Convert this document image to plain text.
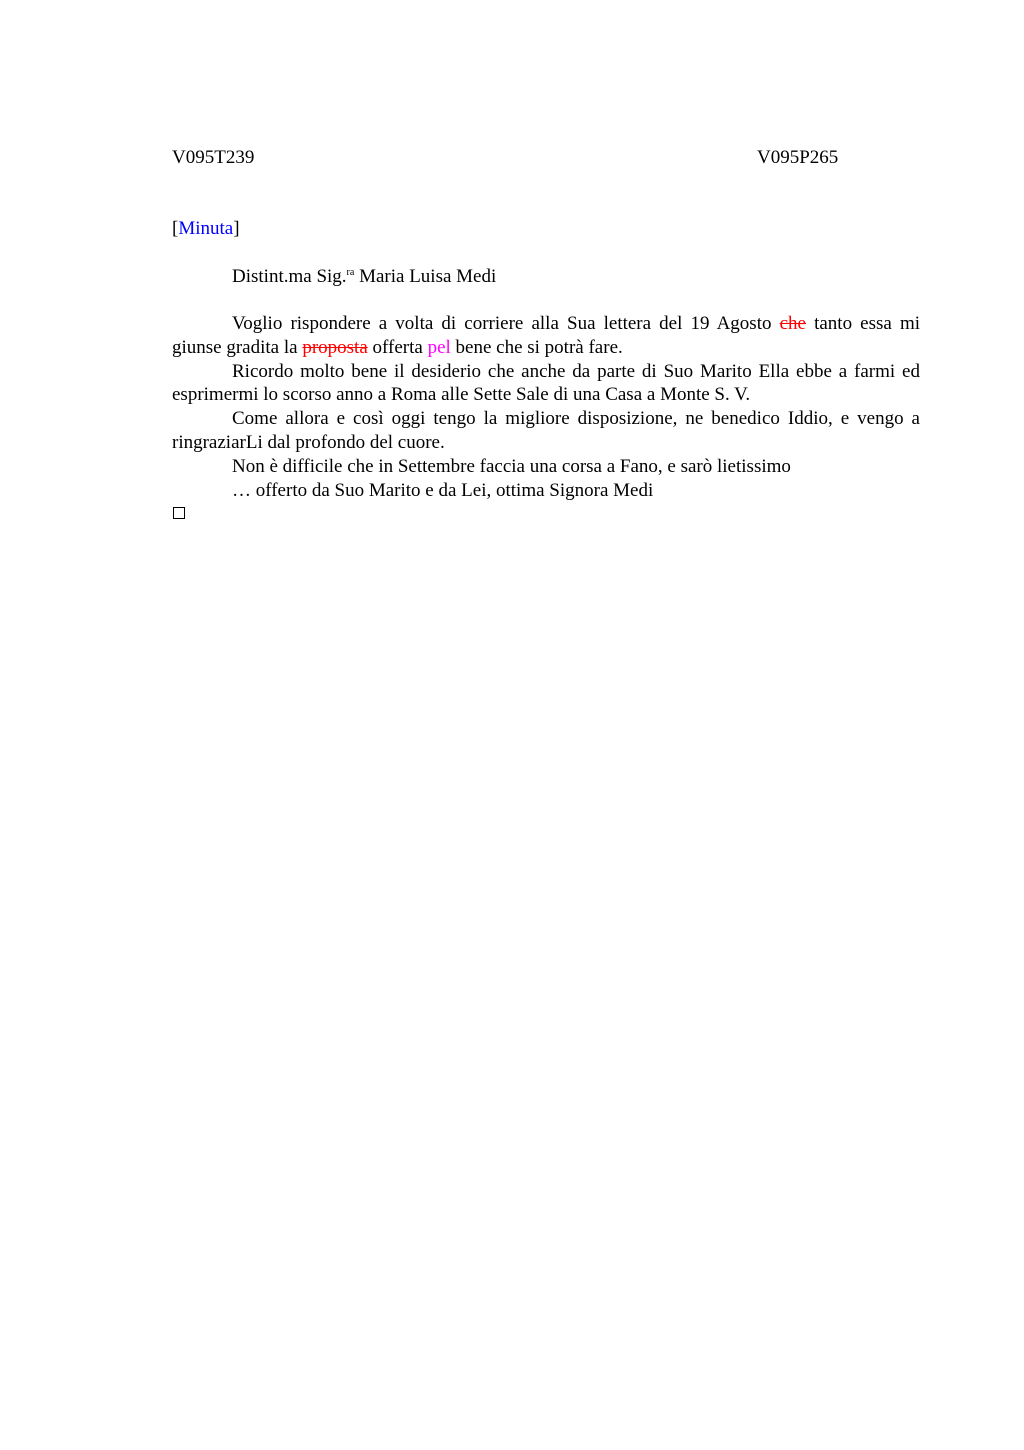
V095T239	V095P265
[Minuta]
Distint.ma Sig.$^{ra}$ Maria Luisa Medi

Voglio rispondere a volta di corriere alla Sua lettera del 19 Agosto che tanto essa mi giunse gradita la proposta offerta pel bene che si potrà fare.

Ricordo molto bene il desiderio che anche da parte di Suo Marito Ella ebbe a farmi ed esprimermi lo scorso anno a Roma alle Sette Sale di una Casa a Monte S. V.

Come allora e così oggi tengo la migliore disposizione, ne benedico Iddio, e vengo a ringraziarLi dal profondo del cuore.

Non è difficile che in Settembre faccia una corsa a Fano, e sarò lietissimo

… offerto da Suo Marito e da Lei, ottima Signora Medi
